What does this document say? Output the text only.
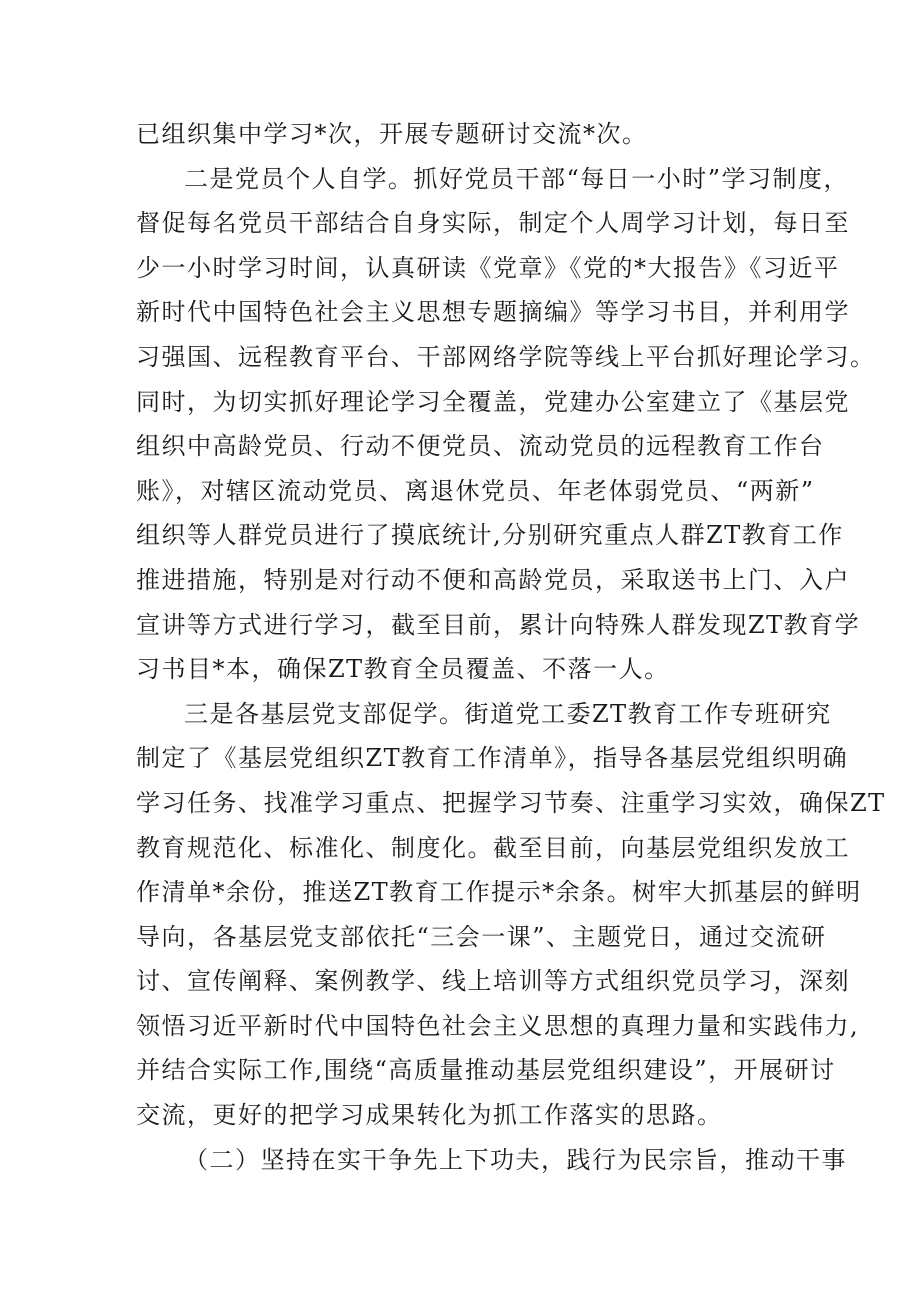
已组织集中学习*次，开展专题研讨交流*次。
二是党员个人自学。抓好党员干部“每日一小时”学习制度，
督促每名党员干部结合自身实际，制定个人周学习计划，每日至
少一小时学习时间，认真研读《党章》《党的*大报告》《习近平
新时代中国特色社会主义思想专题摘编》等学习书目，并利用学
习强国、远程教育平台、干部网络学院等线上平台抓好理论学习。
同时，为切实抓好理论学习全覆盖，党建办公室建立了《基层党
组织中高龄党员、行动不便党员、流动党员的远程教育工作台
账》，对辖区流动党员、离退休党员、年老体弱党员、“两新”
组织等人群党员进行了摸底统计,分别研究重点人群ZT教育工作
推进措施，特别是对行动不便和高龄党员，采取送书上门、入户
宣讲等方式进行学习，截至目前，累计向特殊人群发现ZT教育学
习书目*本，确保ZT教育全员覆盖、不落一人。
三是各基层党支部促学。街道党工委ZT教育工作专班研究
制定了《基层党组织ZT教育工作清单》，指导各基层党组织明确
学习任务、找准学习重点、把握学习节奏、注重学习实效，确保ZT
教育规范化、标准化、制度化。截至目前，向基层党组织发放工
作清单*余份，推送ZT教育工作提示*余条。树牢大抓基层的鲜明
导向，各基层党支部依托“三会一课”、主题党日，通过交流研
讨、宣传阐释、案例教学、线上培训等方式组织党员学习，深刻
领悟习近平新时代中国特色社会主义思想的真理力量和实践伟力,
并结合实际工作,围绕“高质量推动基层党组织建设”，开展研讨
交流，更好的把学习成果转化为抓工作落实的思路。
（二）坚持在实干争先上下功夫，践行为民宗旨，推动干事
